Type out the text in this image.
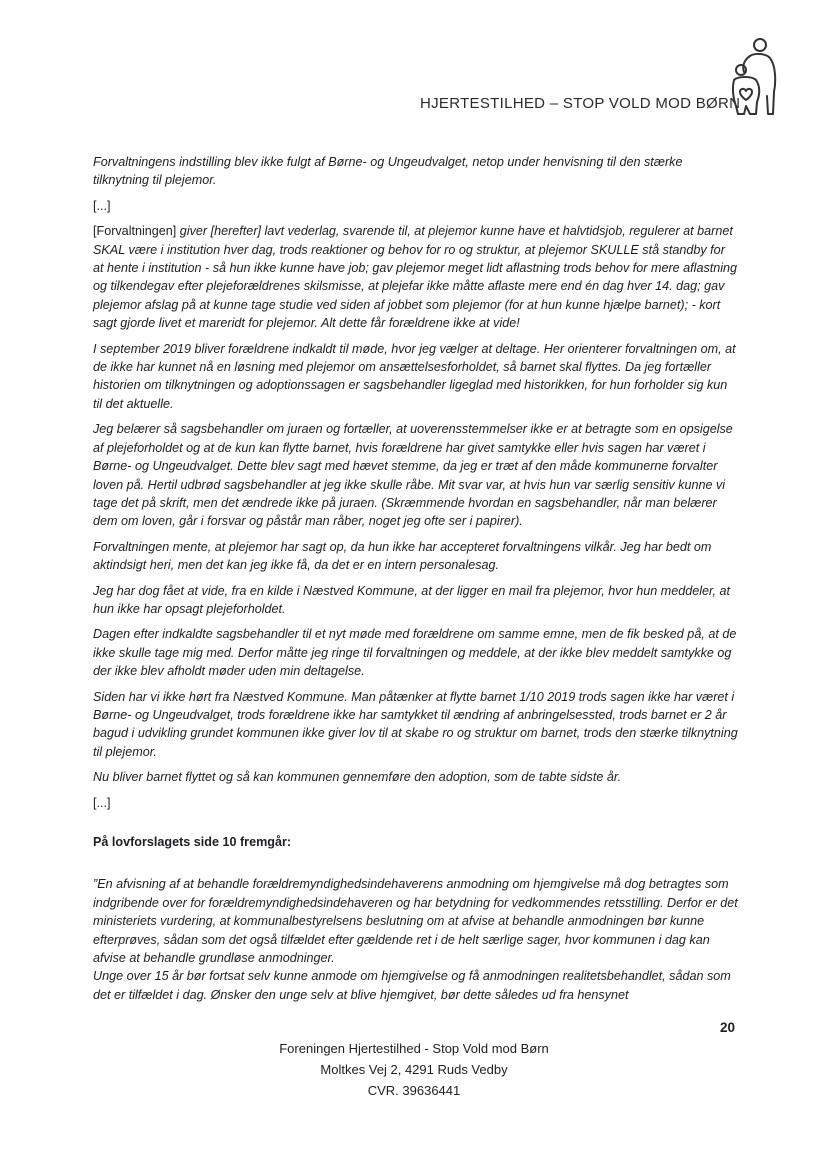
HJERTESTILHED – STOP VOLD MOD BØRN

Forvaltningens indstilling blev ikke fulgt af Børne- og Ungeudvalget, netop under henvisning til den stærke tilknytning til plejemor.

[...]

[Forvaltningen] giver [herefter] lavt vederlag, svarende til, at plejemor kunne have et halvtidsjob, regulerer at barnet SKAL være i institution hver dag, trods reaktioner og behov for ro og struktur, at plejemor SKULLE stå standby for at hente i institution - så hun ikke kunne have job; gav plejemor meget lidt aflastning trods behov for mere aflastning og tilkendegav efter plejeforældrenes skilsmisse, at plejefar ikke måtte aflaste mere end én dag hver 14. dag; gav plejemor afslag på at kunne tage studie ved siden af jobbet som plejemor (for at hun kunne hjælpe barnet); - kort sagt gjorde livet et mareridt for plejemor. Alt dette får forældrene ikke at vide!

I september 2019 bliver forældrene indkaldt til møde, hvor jeg vælger at deltage. Her orienterer forvaltningen om, at de ikke har kunnet nå en løsning med plejemor om ansættelsesforholdet, så barnet skal flyttes. Da jeg fortæller historien om tilknytningen og adoptionssagen er sagsbehandler ligeglad med historikken, for hun forholder sig kun til det aktuelle.

Jeg belærer så sagsbehandler om juraen og fortæller, at uoverensstemmelser ikke er at betragte som en opsigelse af plejeforholdet og at de kun kan flytte barnet, hvis forældrene har givet samtykke eller hvis sagen har været i Børne- og Ungeudvalget. Dette blev sagt med hævet stemme, da jeg er træt af den måde kommunerne forvalter loven på. Hertil udbrød sagsbehandler at jeg ikke skulle råbe. Mit svar var, at hvis hun var særlig sensitiv kunne vi tage det på skrift, men det ændrede ikke på juraen. (Skræmmende hvordan en sagsbehandler, når man belærer dem om loven, går i forsvar og påstår man råber, noget jeg ofte ser i papirer).

Forvaltningen mente, at plejemor har sagt op, da hun ikke har accepteret forvaltningens vilkår. Jeg har bedt om aktindsigt heri, men det kan jeg ikke få, da det er en intern personalesag.

Jeg har dog fået at vide, fra en kilde i Næstved Kommune, at der ligger en mail fra plejemor, hvor hun meddeler, at hun ikke har opsagt plejeforholdet.

Dagen efter indkaldte sagsbehandler til et nyt møde med forældrene om samme emne, men de fik besked på, at de ikke skulle tage mig med. Derfor måtte jeg ringe til forvaltningen og meddele, at der ikke blev meddelt samtykke og der ikke blev afholdt møder uden min deltagelse.

Siden har vi ikke hørt fra Næstved Kommune. Man påtænker at flytte barnet 1/10 2019 trods sagen ikke har været i Børne- og Ungeudvalget, trods forældrene ikke har samtykket til ændring af anbringelsessted, trods barnet er 2 år bagud i udvikling grundet kommunen ikke giver lov til at skabe ro og struktur om barnet, trods den stærke tilknytning til plejemor.

Nu bliver barnet flyttet og så kan kommunen gennemføre den adoption, som de tabte sidste år.

[...]

På lovforslagets side 10 fremgår:

”En afvisning af at behandle forældremyndighedsindehaverens anmodning om hjemgivelse må dog betragtes som indgribende over for forældremyndighedsindehaveren og har betydning for vedkommendes retsstilling. Derfor er det ministeriets vurdering, at kommunalbestyrelsens beslutning om at afvise at behandle anmodningen bør kunne efterprøves, sådan som det også tilfældet efter gældende ret i de helt særlige sager, hvor kommunen i dag kan afvise at behandle grundløse anmodninger.

Unge over 15 år bør fortsat selv kunne anmode om hjemgivelse og få anmodningen realitetsbehandlet, sådan som det er tilfældet i dag. Ønsker den unge selv at blive hjemgivet, bør dette således ud fra hensynet

20
Foreningen Hjertestilhed - Stop Vold mod Børn
Moltkes Vej 2, 4291 Ruds Vedby
CVR. 39636441
